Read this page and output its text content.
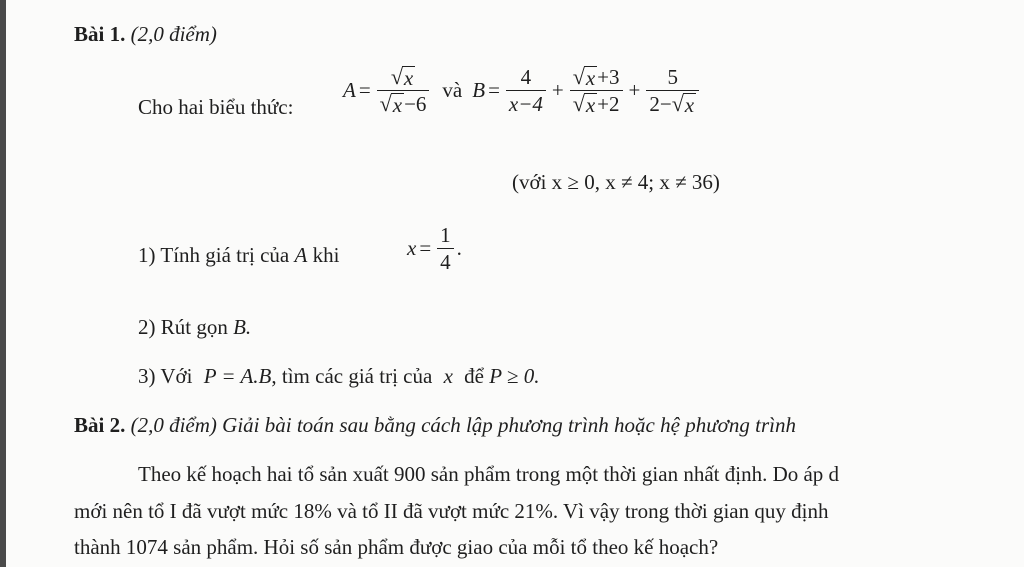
Bài 1. (2,0 điểm)
Cho hai biểu thức:
$A = \frac{√ x}{√ x -6}$ và $B = \frac{4}{x-4} + \frac{√ x +3}{√ x +2} + \frac{5}{2- √ x}$
(với x ≥ 0, x ≠ 4; x ≠ 36)
1) Tính giá trị của A khi	$x = \frac{1}{4}$ .
2) Rút gọn B.
3) Với P = A.B, tìm các giá trị của x để P ≥ 0.
Bài 2. (2,0 điểm) Giải bài toán sau bằng cách lập phương trình hoặc hệ phương trình
Theo kế hoạch hai tổ sản xuất 900 sản phẩm trong một thời gian nhất định. Do áp d
mới nên tổ I đã vượt mức 18% và tổ II đã vượt mức 21%. Vì vậy trong thời gian quy định
thành 1074 sản phẩm. Hỏi số sản phẩm được giao của mỗi tổ theo kế hoạch?
